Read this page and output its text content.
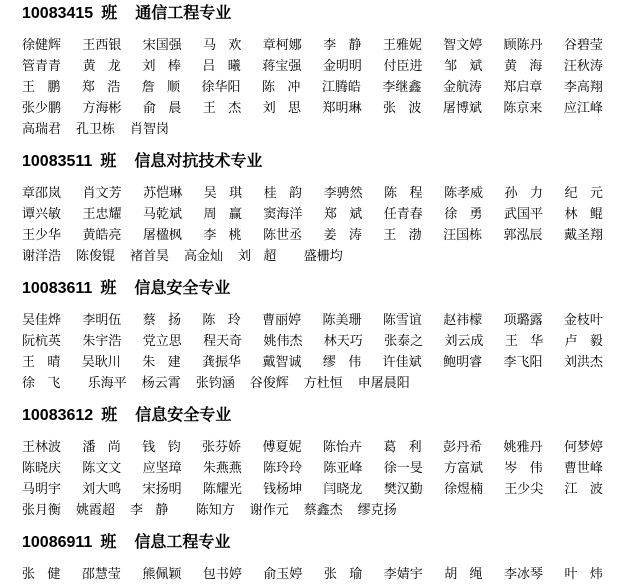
10083415 班 通信工程专业
徐健辉 王西银 宋国强 马欢 章柯娜 李静 王雅妮 智文婷 顾陈丹 谷碧莹
管青青 黄龙 刘棒 吕曦 蒋宝强 金明明 付臣进 邹斌 黄海 汪秋涛
王鹏 郑浩 詹顺 徐华阳 陈冲 江腾皓 李继鑫 金航涛 郑启章 李高翔
张少鹏 方海彬 俞晨 王杰 刘思 郑明琳 张波 屠博斌 陈京来 应江峰
高瑞君 孔卫栋 肖智岗
10083511 班 信息对抗技术专业
章邵岚 肖文芳 苏恺琳 吴琪 桂韵 李骋然 陈程 陈孝威 孙力 纪元
谭兴敏 王忠耀 马乾斌 周赢 窦海洋 郑斌 任青春 徐勇 武国平 林鲲
王少华 黄皓亮 屠楹枫 李桃 陈世丞 姜涛 王渤 汪国栋 郭泓辰 戴圣翔
谢洋浩 陈俊锟 褚首昊 高金灿 刘超 盛栅均
10083611 班 信息安全专业
吴佳烨 李明伍 蔡扬 陈玲 曹丽婷 陈美珊 陈雪谊 赵祎檬 项璐露 金枝叶
阮杭英 朱宇浩 党立思 程天奇 姚伟杰 林天巧 张泰之 刘云成 王华 卢毅
王晴 吴耿川 朱建 龚振华 戴智诚 缪伟 许佳斌 鲍明睿 李飞阳 刘洪杰
徐飞 乐海平 杨云霄 张钧涵 谷俊辉 方杜恒 申屠晨阳
10083612 班 信息安全专业
王林波 潘尚 钱钧 张芬娇 傅夏妮 陈怡卉 葛利 彭丹希 姚雅丹 何梦婷
陈晓庆 陈文文 应坚璋 朱燕燕 陈玲玲 陈亚峰 徐一旻 方富斌 岑伟 曹世峰
马明宇 刘大鸣 宋扬明 陈耀光 钱杨坤 闫晓龙 樊汉勤 徐煜楠 王少尖 江波
张月衡 姚霞超 李静 陈知方 谢作元 蔡鑫杰 缪克扬
10086911 班 信息工程专业
张健 邵慧莹 熊佩颖 包书婷 俞玉婷 张瑜 李婧宇 胡绳 李冰琴 叶炜
